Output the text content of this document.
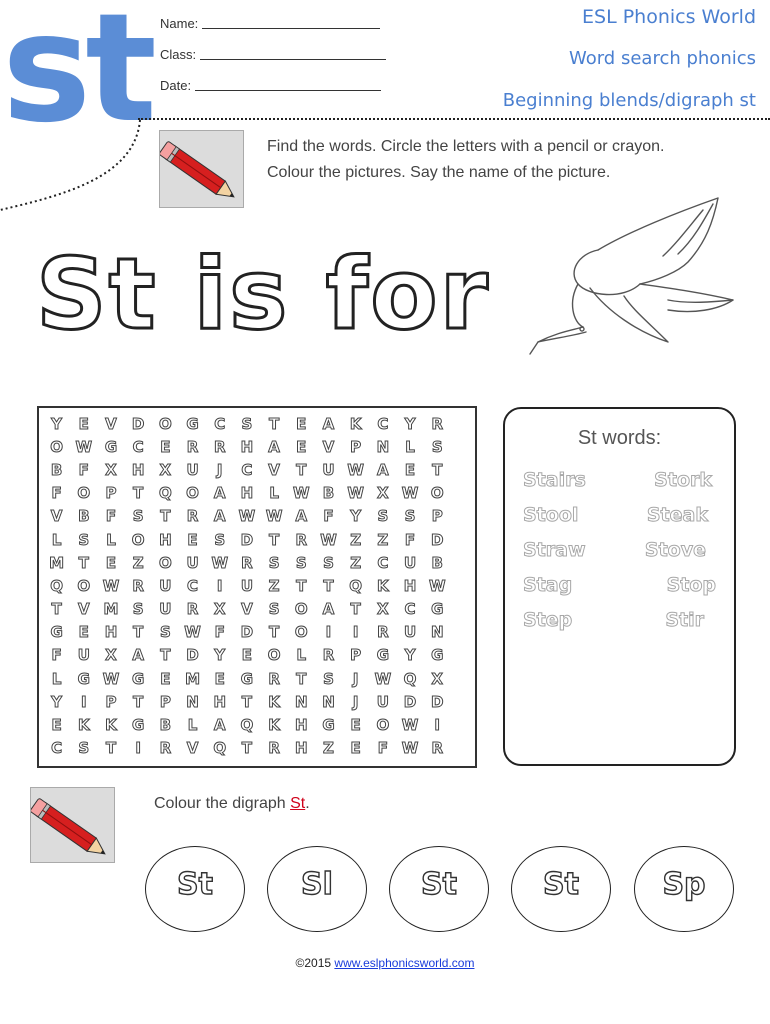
st Name:
Class:
Date:
ESL Phonics World
Word search phonics
Beginning blends/digraph st
Find the words. Circle the letters with a pencil or crayon.
Colour the pictures. Say the name of the picture.
St is for
Y	E	V	D	O	G	C	S	T	E	A	K	C	Y	R
O	W	G	C	E	R	R	H	A	E	V	P	N	L	S
B	F	X	H	X	U	J	C	V	T	U	W	A	E	T
F	O	P	T	Q	O	A	H	L	W	B	W	X	W	O
V	B	F	S	T	R	A	W	W	A	F	Y	S	S	P
L	S	L	O	H	E	S	D	T	R	W	Z	Z	F	D
M	T	E	Z	O	U	W	R	S	S	S	Z	C	U	B
Q	O	W	R	U	C	I	U	Z	T	T	Q	K	H	W
T	V	M	S	U	R	X	V	S	O	A	T	X	C	G
G	E	H	T	S	W	F	D	T	O	I	I	R	U	N
F	U	X	A	T	D	Y	E	O	L	R	P	G	Y	G
L	G	W	G	E	M	E	G	R	T	S	J	W	Q	X
Y	I	P	T	P	N	H	T	K	N	N	J	U	D	D
E	K	K	G	B	L	A	Q	K	H	G	E	O	W	I
C	S	T	I	R	V	Q	T	R	H	Z	E	F	W	R
St words:
Stairs
Stool
Straw
Stag
Step
Stork
Steak
Stove
Stop
Stir
Colour the digraph St.
St	Sl	St	St	Sp
©2015 www.eslphonicsworld.com
